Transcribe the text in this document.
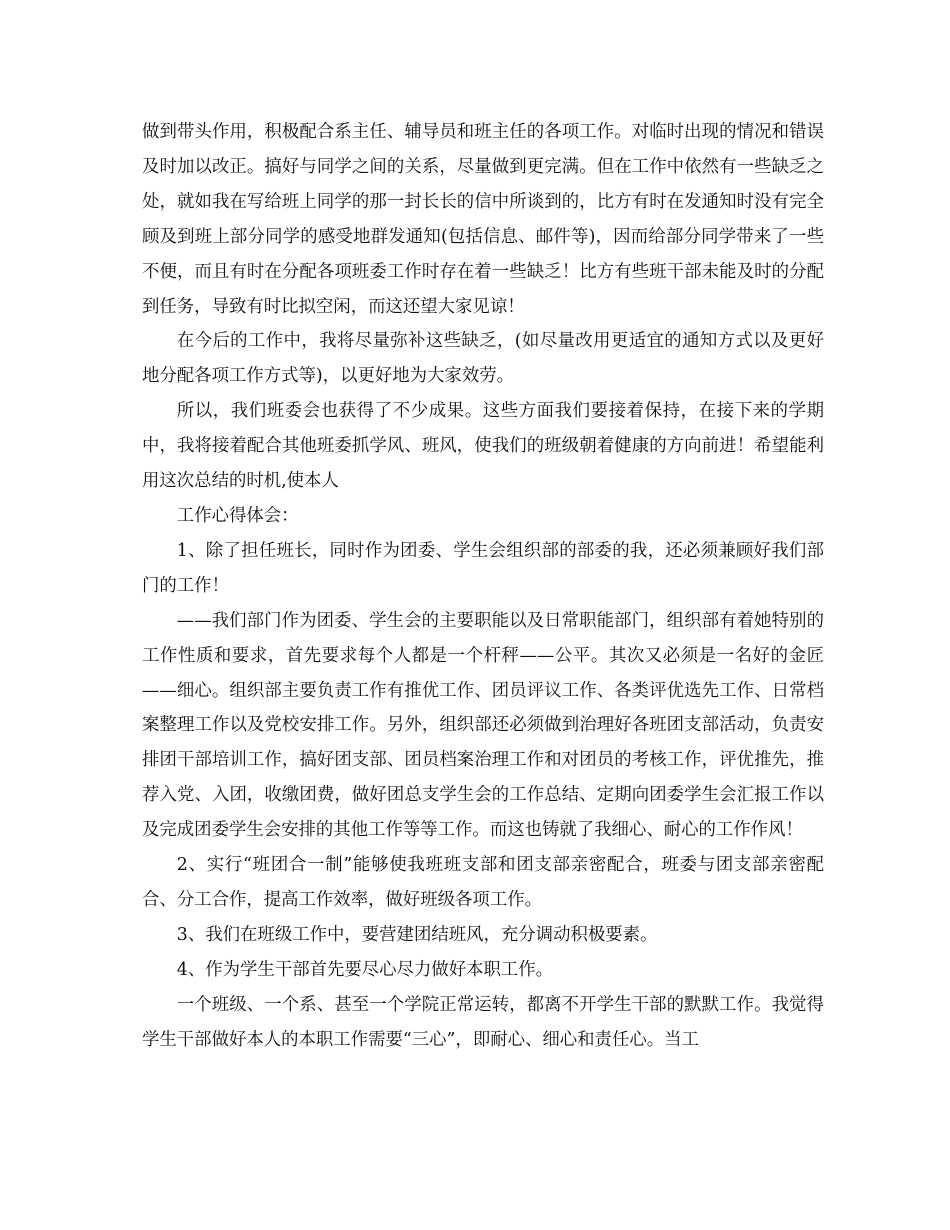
做到带头作用，积极配合系主任、辅导员和班主任的各项工作。对临时出现的情况和错误及时加以改正。搞好与同学之间的关系，尽量做到更完满。但在工作中依然有一些缺乏之处，就如我在写给班上同学的那一封长长的信中所谈到的，比方有时在发通知时没有完全顾及到班上部分同学的感受地群发通知(包括信息、邮件等)，因而给部分同学带来了一些不便，而且有时在分配各项班委工作时存在着一些缺乏！比方有些班干部未能及时的分配到任务，导致有时比拟空闲，而这还望大家见谅！

在今后的工作中，我将尽量弥补这些缺乏，(如尽量改用更适宜的通知方式以及更好地分配各项工作方式等)，以更好地为大家效劳。

所以，我们班委会也获得了不少成果。这些方面我们要接着保持，在接下来的学期中，我将接着配合其他班委抓学风、班风，使我们的班级朝着健康的方向前进！希望能利用这次总结的时机,使本人

工作心得体会：

1、除了担任班长，同时作为团委、学生会组织部的部委的我，还必须兼顾好我们部门的工作！

——我们部门作为团委、学生会的主要职能以及日常职能部门，组织部有着她特别的工作性质和要求，首先要求每个人都是一个杆秤——公平。其次又必须是一名好的金匠——细心。组织部主要负责工作有推优工作、团员评议工作、各类评优选先工作、日常档案整理工作以及党校安排工作。另外，组织部还必须做到治理好各班团支部活动，负责安排团干部培训工作，搞好团支部、团员档案治理工作和对团员的考核工作，评优推先，推荐入党、入团，收缴团费，做好团总支学生会的工作总结、定期向团委学生会汇报工作以及完成团委学生会安排的其他工作等等工作。而这也铸就了我细心、耐心的工作作风！

2、实行“班团合一制”能够使我班班支部和团支部亲密配合，班委与团支部亲密配合、分工合作，提高工作效率，做好班级各项工作。

3、我们在班级工作中，要营建团结班风，充分调动积极要素。

4、作为学生干部首先要尽心尽力做好本职工作。

一个班级、一个系、甚至一个学院正常运转，都离不开学生干部的默默工作。我觉得学生干部做好本人的本职工作需要“三心”，即耐心、细心和责任心。当工
